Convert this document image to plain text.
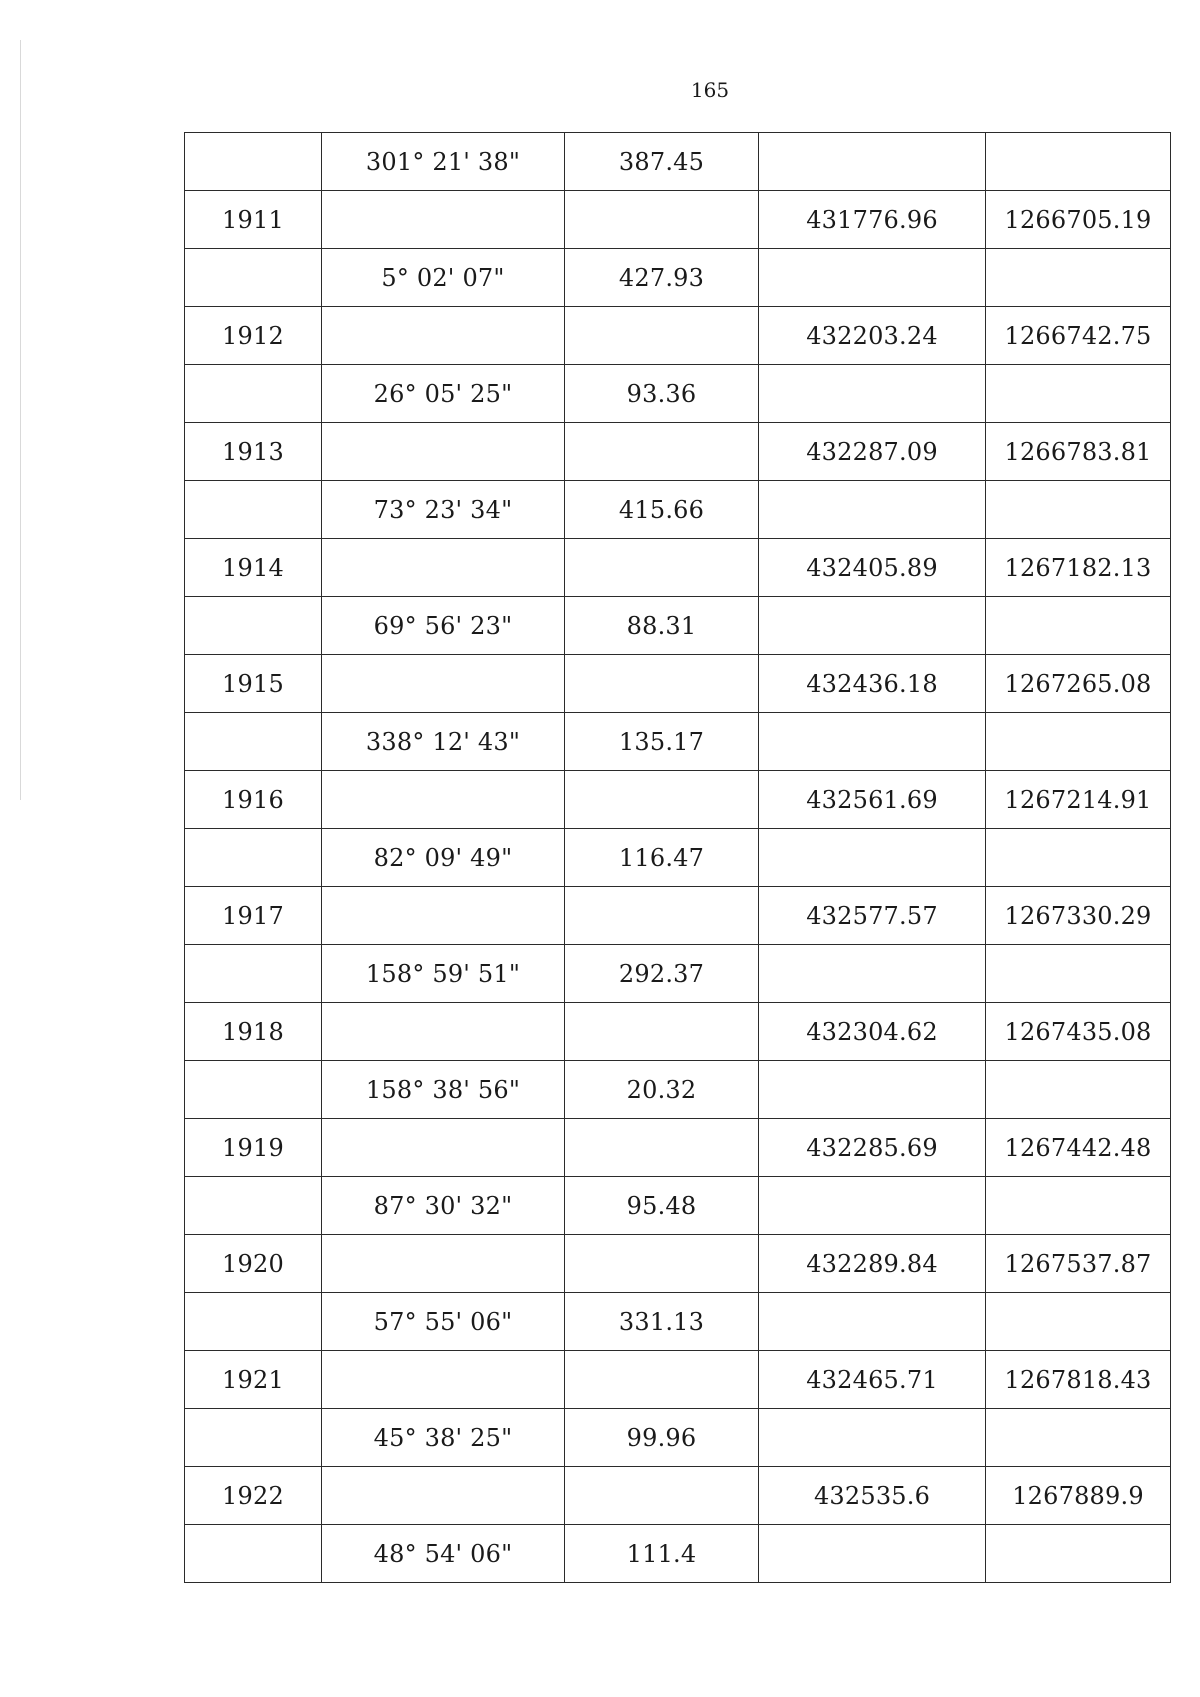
165
	301° 21' 38"	387.45		
1911			431776.96	1266705.19
	5° 02' 07"	427.93		
1912			432203.24	1266742.75
	26° 05' 25"	93.36		
1913			432287.09	1266783.81
	73° 23' 34"	415.66		
1914			432405.89	1267182.13
	69° 56' 23"	88.31		
1915			432436.18	1267265.08
	338° 12' 43"	135.17		
1916			432561.69	1267214.91
	82° 09' 49"	116.47		
1917			432577.57	1267330.29
	158° 59' 51"	292.37		
1918			432304.62	1267435.08
	158° 38' 56"	20.32		
1919			432285.69	1267442.48
	87° 30' 32"	95.48		
1920			432289.84	1267537.87
	57° 55' 06"	331.13		
1921			432465.71	1267818.43
	45° 38' 25"	99.96		
1922			432535.6	1267889.9
	48° 54' 06"	111.4		
